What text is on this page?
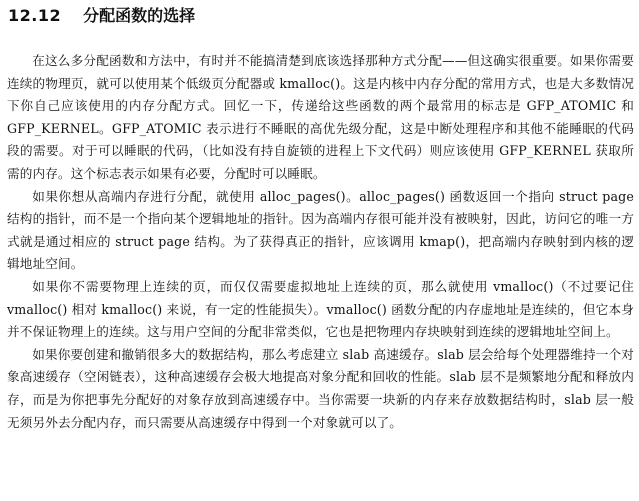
12.12 分配函数的选择

在这么多分配函数和方法中，有时并不能搞清楚到底该选择那种方式分配——但这确实很重要。如果你需要连续的物理页，就可以使用某个低级页分配器或 kmalloc()。这是内核中内存分配的常用方式，也是大多数情况下你自己应该使用的内存分配方式。回忆一下，传递给这些函数的两个最常用的标志是 GFP_ATOMIC 和 GFP_KERNEL。GFP_ATOMIC 表示进行不睡眠的高优先级分配，这是中断处理程序和其他不能睡眠的代码段的需要。对于可以睡眠的代码，（比如没有持自旋锁的进程上下文代码）则应该使用 GFP_KERNEL 获取所需的内存。这个标志表示如果有必要，分配时可以睡眠。

如果你想从高端内存进行分配，就使用 alloc_pages()。alloc_pages() 函数返回一个指向 struct page 结构的指针，而不是一个指向某个逻辑地址的指针。因为高端内存很可能并没有被映射，因此，访问它的唯一方式就是通过相应的 struct page 结构。为了获得真正的指针，应该调用 kmap()，把高端内存映射到内核的逻辑地址空间。

如果你不需要物理上连续的页，而仅仅需要虚拟地址上连续的页，那么就使用 vmalloc()（不过要记住 vmalloc() 相对 kmalloc() 来说，有一定的性能损失）。vmalloc() 函数分配的内存虚地址是连续的，但它本身并不保证物理上的连续。这与用户空间的分配非常类似，它也是把物理内存块映射到连续的逻辑地址空间上。

如果你要创建和撤销很多大的数据结构，那么考虑建立 slab 高速缓存。slab 层会给每个处理器维持一个对象高速缓存（空闲链表），这种高速缓存会极大地提高对象分配和回收的性能。slab 层不是频繁地分配和释放内存，而是为你把事先分配好的对象存放到高速缓存中。当你需要一块新的内存来存放数据结构时，slab 层一般无须另外去分配内存，而只需要从高速缓存中得到一个对象就可以了。
